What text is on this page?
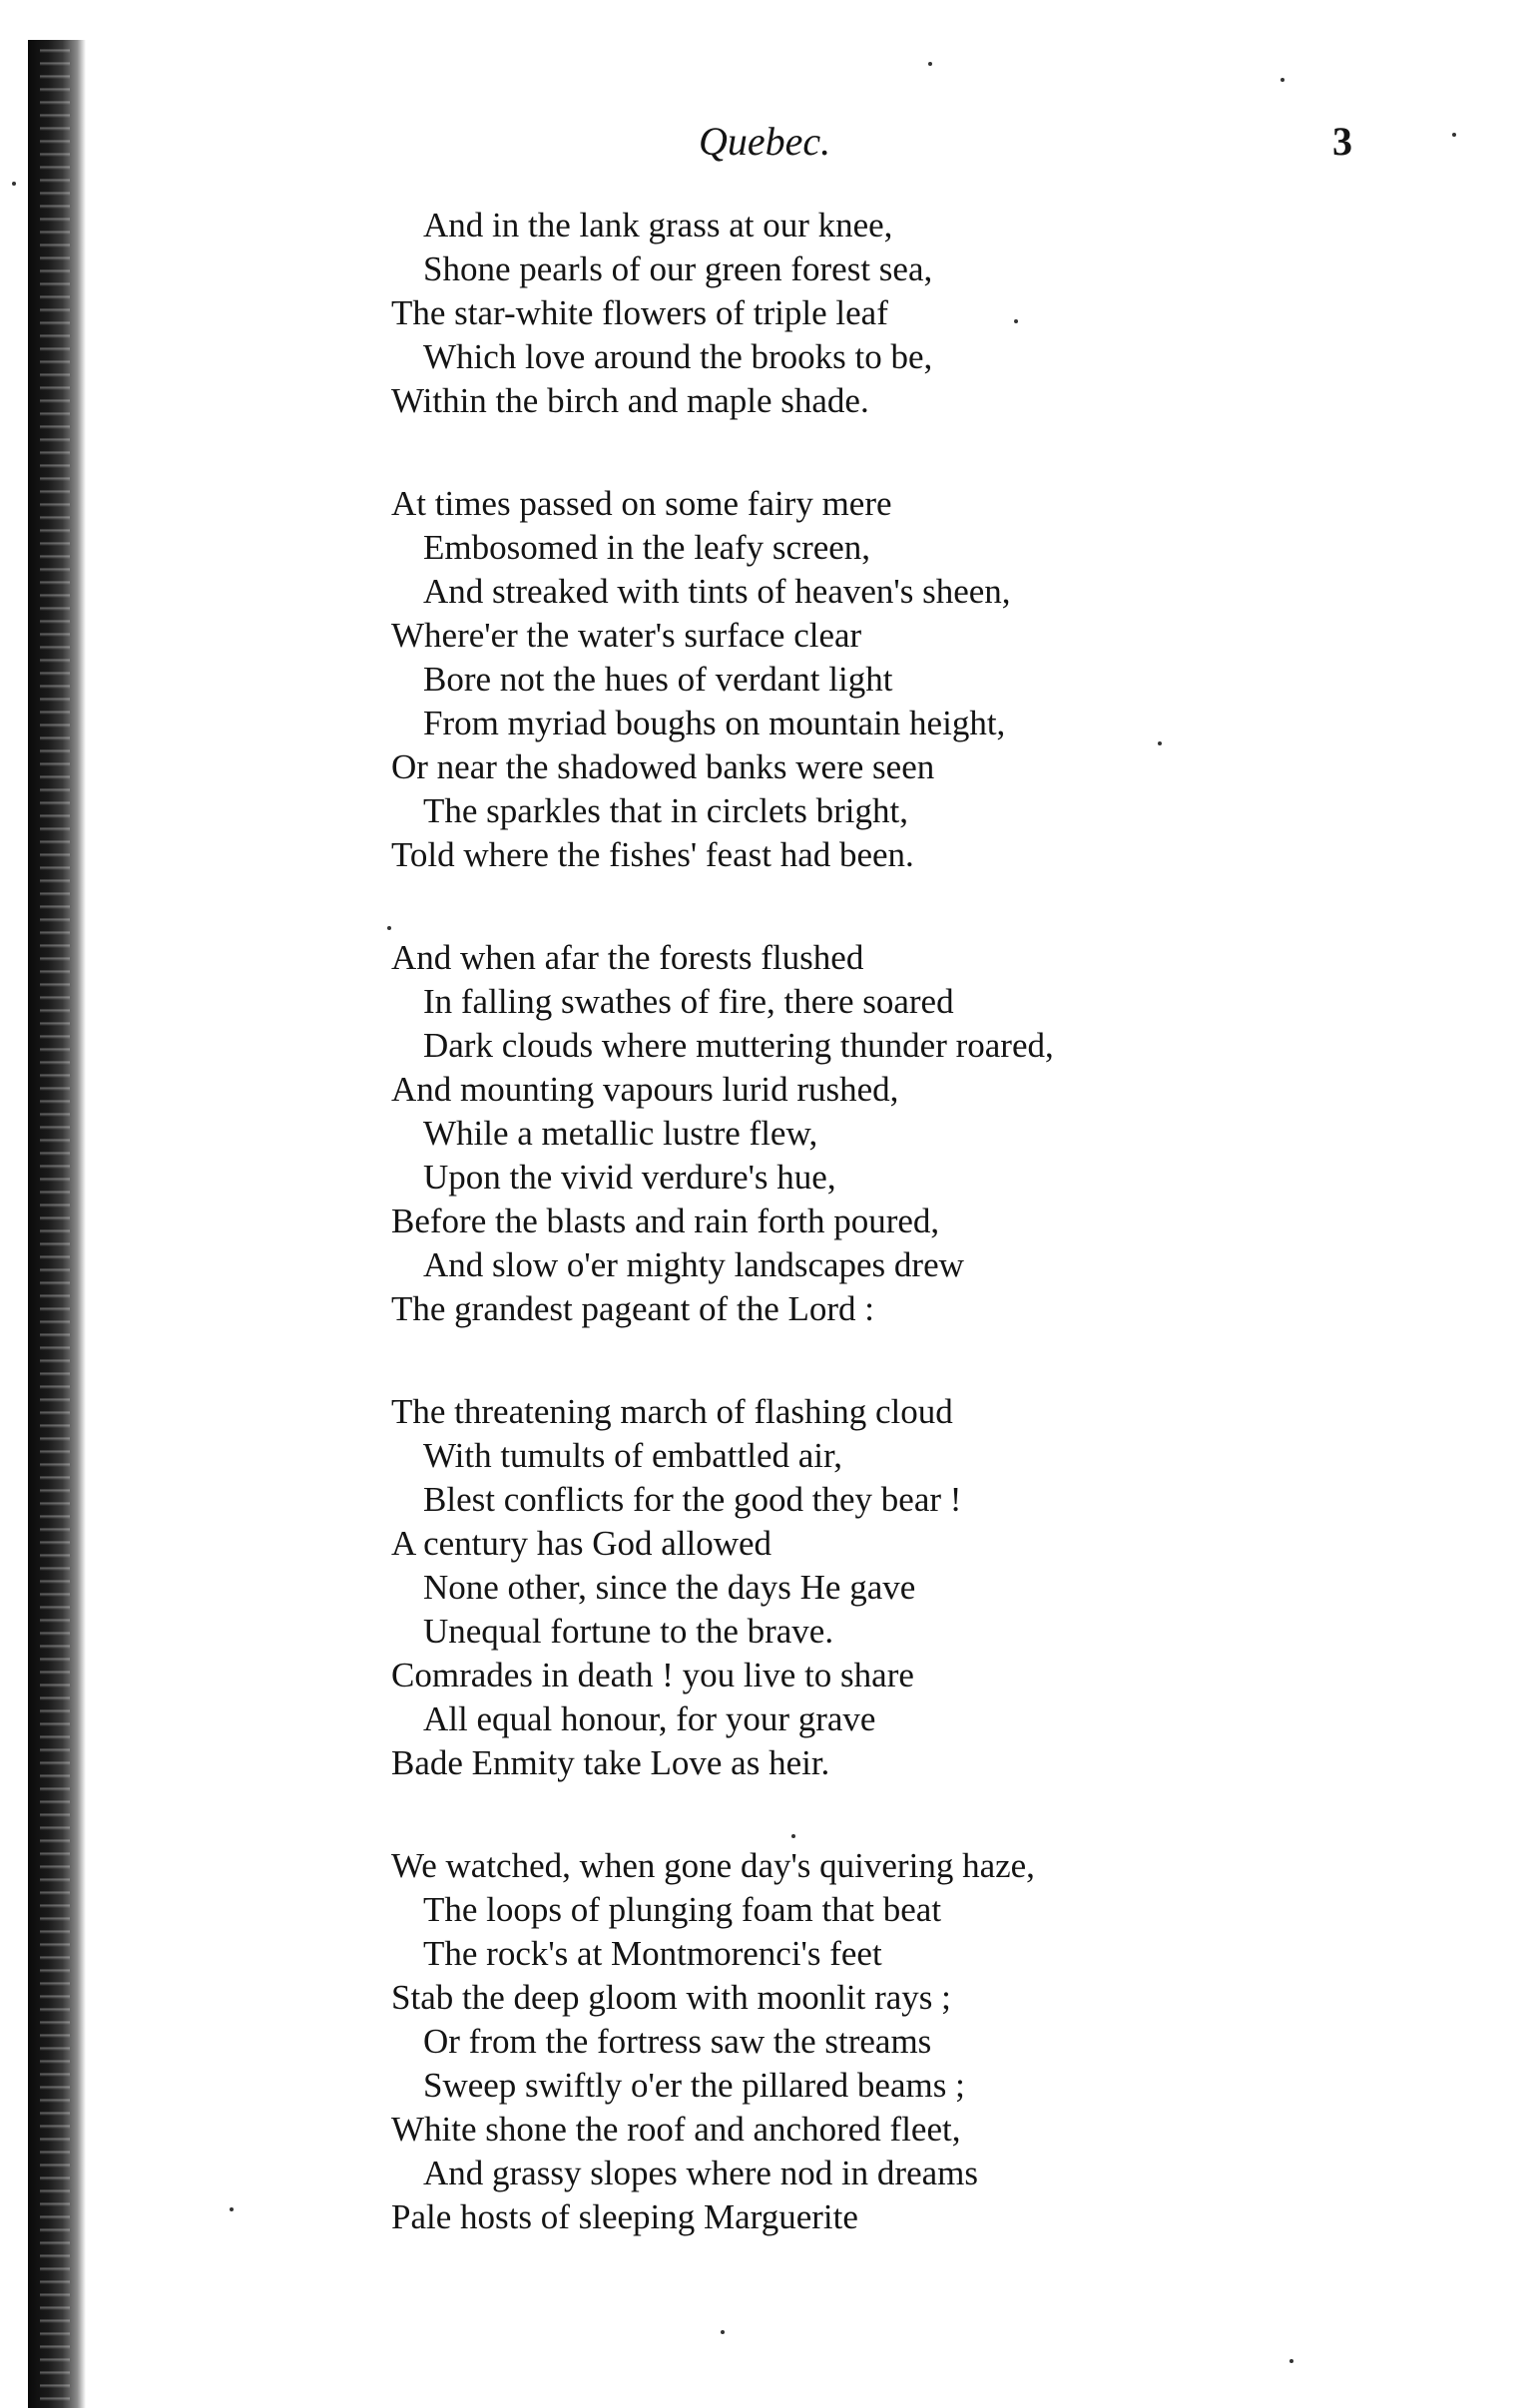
Quebec.	3
And in the lank grass at our knee,
Shone pearls of our green forest sea,
The star-white flowers of triple leaf
Which love around the brooks to be,
Within the birch and maple shade.
At times passed on some fairy mere
Embosomed in the leafy screen,
And streaked with tints of heaven's sheen,
Where'er the water's surface clear
Bore not the hues of verdant light
From myriad boughs on mountain height,
Or near the shadowed banks were seen
The sparkles that in circlets bright,
Told where the fishes' feast had been.
And when afar the forests flushed
In falling swathes of fire, there soared
Dark clouds where muttering thunder roared,
And mounting vapours lurid rushed,
While a metallic lustre flew,
Upon the vivid verdure's hue,
Before the blasts and rain forth poured,
And slow o'er mighty landscapes drew
The grandest pageant of the Lord :
The threatening march of flashing cloud
With tumults of embattled air,
Blest conflicts for the good they bear !
A century has God allowed
None other, since the days He gave
Unequal fortune to the brave.
Comrades in death ! you live to share
All equal honour, for your grave
Bade Enmity take Love as heir.
We watched, when gone day's quivering haze,
The loops of plunging foam that beat
The rock's at Montmorenci's feet
Stab the deep gloom with moonlit rays ;
Or from the fortress saw the streams
Sweep swiftly o'er the pillared beams ;
White shone the roof and anchored fleet,
And grassy slopes where nod in dreams
Pale hosts of sleeping Marguerite
